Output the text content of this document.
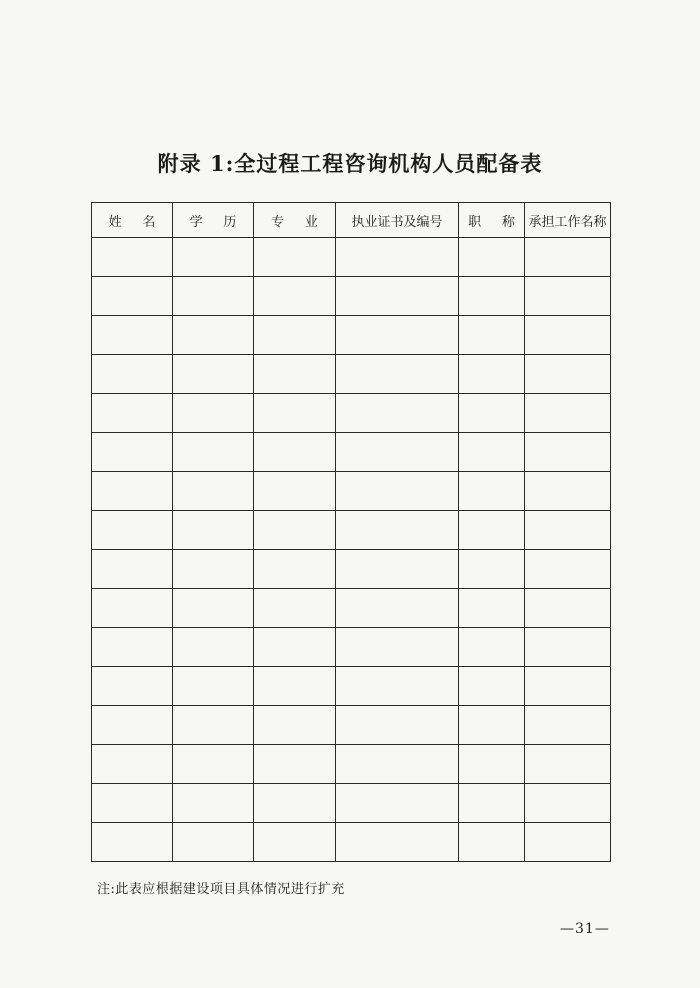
附录 1:全过程工程咨询机构人员配备表
姓名	学历	专业	执业证书及编号	职称	承担工作名称

注:此表应根据建设项目具体情况进行扩充
—31—
